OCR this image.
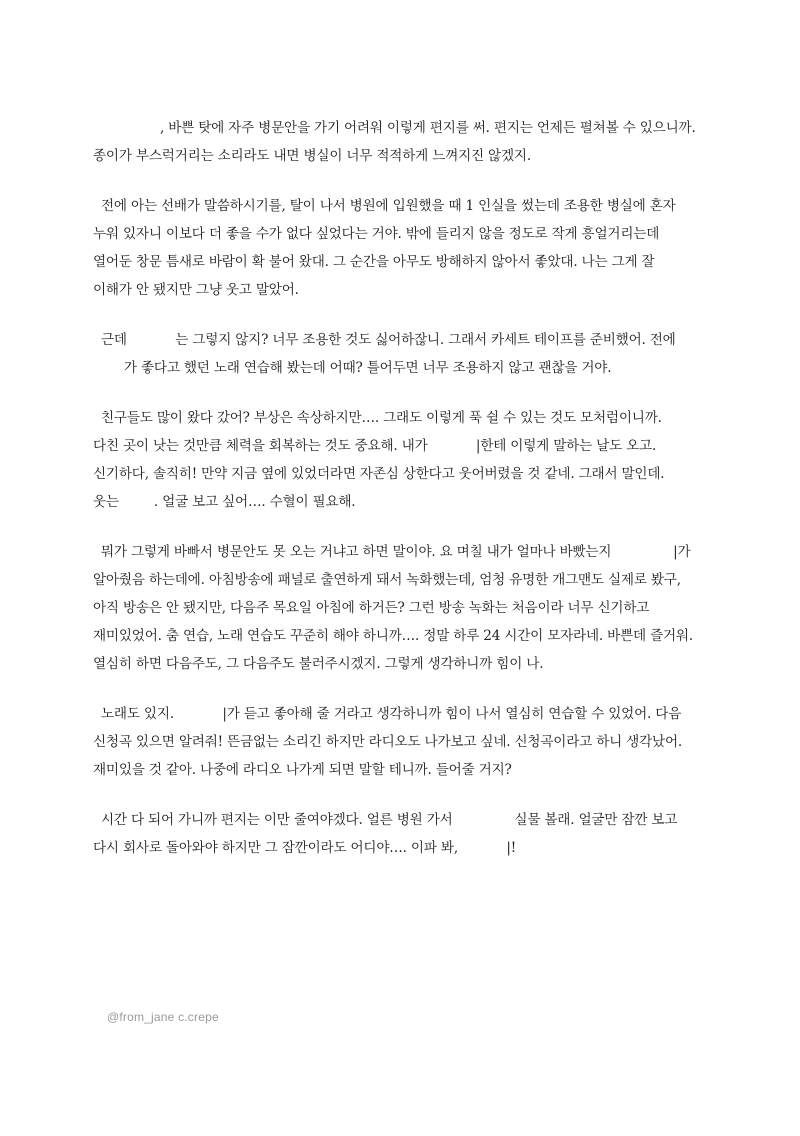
　　　　　, 바쁜 탓에 자주 병문안을 가기 어려워 이렇게 편지를 써. 편지는 언제든 펼쳐볼 수 있으니까.
종이가 부스럭거리는 소리라도 내면 병실이 너무 적적하게 느껴지진 않겠지.

전에 아는 선배가 말씀하시기를, 탈이 나서 병원에 입원했을 때 1 인실을 썼는데 조용한 병실에 혼자
누워 있자니 이보다 더 좋을 수가 없다 싶었다는 거야. 밖에 들리지 않을 정도로 작게 흥얼거리는데
열어둔 창문 틈새로 바람이 확 불어 왔대. 그 순간을 아무도 방해하지 않아서 좋았대. 나는 그게 잘
이해가 안 됐지만 그냥 웃고 말았어.

근데 　　　 는 그렇지 않지? 너무 조용한 것도 싫어하잖니. 그래서 카세트 테이프를 준비했어. 전에
　　 가 좋다고 했던 노래 연습해 봤는데 어때? 틀어두면 너무 조용하지 않고 괜찮을 거야.

친구들도 많이 왔다 갔어? 부상은 속상하지만…. 그래도 이렇게 푹 쉴 수 있는 것도 모처럼이니까.
다친 곳이 낫는 것만큼 체력을 회복하는 것도 중요해. 내가 　　　 |한테 이렇게 말하는 날도 오고.
신기하다, 솔직히! 만약 지금 옆에 있었더라면 자존심 상한다고 웃어버렸을 것 같네. 그래서 말인데.
웃는 　　 . 얼굴 보고 싶어…. 수혈이 필요해.

뭐가 그렇게 바빠서 병문안도 못 오는 거냐고 하면 말이야. 요 며칠 내가 얼마나 바빴는지 　　　　 |가
알아줬음 하는데에. 아침방송에 패널로 출연하게 돼서 녹화했는데, 엄청 유명한 개그맨도 실제로 봤구,
아직 방송은 안 됐지만, 다음주 목요일 아침에 하거든? 그런 방송 녹화는 처음이라 너무 신기하고
재미있었어. 춤 연습, 노래 연습도 꾸준히 해야 하니까…. 정말 하루 24 시간이 모자라네. 바쁜데 즐거워.
열심히 하면 다음주도, 그 다음주도 불러주시겠지. 그렇게 생각하니까 힘이 나.

노래도 있지. 　　　 |가 듣고 좋아해 줄 거라고 생각하니까 힘이 나서 열심히 연습할 수 있었어. 다음
신청곡 있으면 알려줘! 뜬금없는 소리긴 하지만 라디오도 나가보고 싶네. 신청곡이라고 하니 생각났어.
재미있을 것 같아. 나중에 라디오 나가게 되면 말할 테니까. 들어줄 거지?

시간 다 되어 가니까 편지는 이만 줄여야겠다. 얼른 병원 가서 　　　　 실물 볼래. 얼굴만 잠깐 보고
다시 회사로 돌아와야 하지만 그 잠깐이라도 어디야…. 이파 봐, 　　　 |!

@from_jane c.crepe
